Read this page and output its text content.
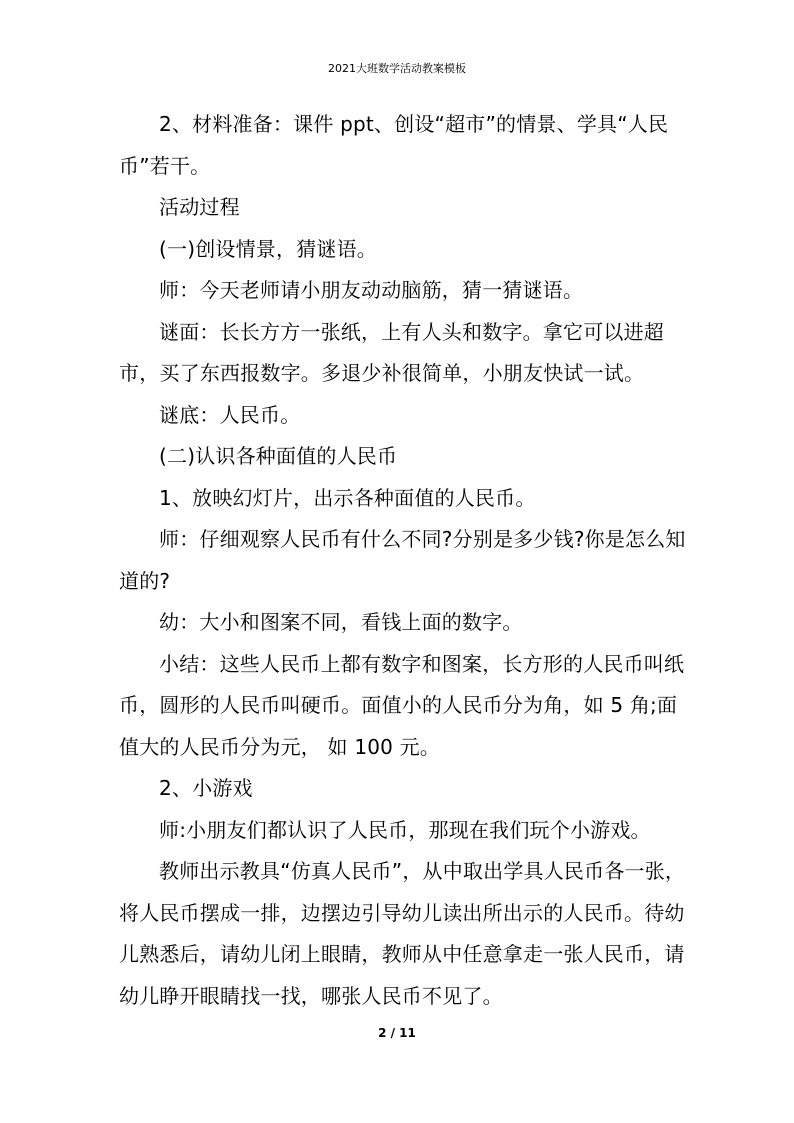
2021大班数学活动教案模板

2、材料准备：课件 ppt、创设“超市”的情景、学具“人民币”若干。

活动过程

(一)创设情景，猜谜语。

师：今天老师请小朋友动动脑筋，猜一猜谜语。

谜面：长长方方一张纸，上有人头和数字。拿它可以进超市，买了东西报数字。多退少补很简单，小朋友快试一试。

谜底：人民币。

(二)认识各种面值的人民币

1、放映幻灯片，出示各种面值的人民币。

师：仔细观察人民币有什么不同?分别是多少钱?你是怎么知道的?

幼：大小和图案不同，看钱上面的数字。

小结：这些人民币上都有数字和图案，长方形的人民币叫纸币，圆形的人民币叫硬币。面值小的人民币分为角，如 5 角;面值大的人民币分为元， 如 100 元。

2、小游戏

师:小朋友们都认识了人民币，那现在我们玩个小游戏。

教师出示教具“仿真人民币”，从中取出学具人民币各一张，将人民币摆成一排，边摆边引导幼儿读出所出示的人民币。待幼儿熟悉后，请幼儿闭上眼睛，教师从中任意拿走一张人民币，请幼儿睁开眼睛找一找，哪张人民币不见了。

2 / 11
